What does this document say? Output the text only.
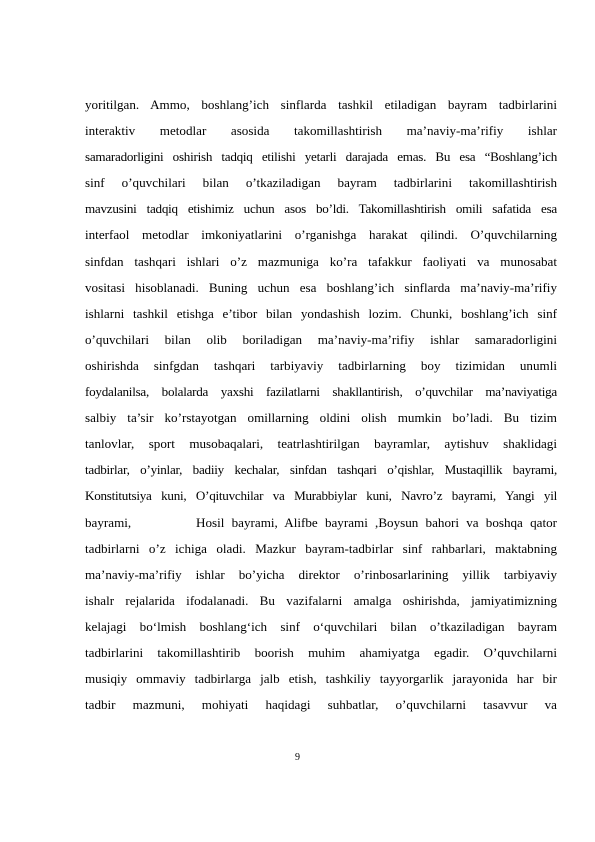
yoritilgan. Ammo, boshlang’ich sinflarda tashkil etiladigan bayram tadbirlarini
interaktiv metodlar asosida takomillashtirish ma’naviy-ma’rifiy ishlar
samaradorligini oshirish tadqiq etilishi yetarli darajada emas. Bu esa “Boshlang’ich
sinf o’quvchilari bilan o’tkaziladigan bayram tadbirlarini takomillashtirish
mavzusini tadqiq etishimiz uchun asos bo’ldi. Takomillashtirish omili safatida esa
interfaol metodlar imkoniyatlarini o’rganishga harakat qilindi. O’quvchilarning
sinfdan tashqari ishlari o’z mazmuniga ko’ra tafakkur faoliyati va munosabat
vositasi hisoblanadi. Buning uchun esa boshlang’ich sinflarda ma’naviy-ma’rifiy
ishlarni tashkil etishga e’tibor bilan yondashish lozim. Chunki, boshlang’ich sinf
o’quvchilari bilan olib boriladigan ma’naviy-ma’rifiy ishlar samaradorligini
oshirishda sinfgdan tashqari tarbiyaviy tadbirlarning boy tizimidan unumli
foydalanilsa, bolalarda yaxshi fazilatlarni shakllantirish, o’quvchilar ma’naviyatiga
salbiy ta’sir ko’rstayotgan omillarning oldini olish mumkin bo’ladi. Bu tizim
tanlovlar, sport musobaqalari, teatrlashtirilgan bayramlar, aytishuv shaklidagi
tadbirlar, o’yinlar, badiiy kechalar, sinfdan tashqari o’qishlar, Mustaqillik bayrami,
Konstitutsiya kuni, O’qituvchilar va Murabbiylar kuni, Navro’z bayrami, Yangi yil
bayrami,         Hosil bayrami, Alifbe bayrami ,Boysun bahori va boshqa qator
tadbirlarni o’z ichiga oladi. Mazkur bayram-tadbirlar sinf rahbarlari, maktabning
ma’naviy-ma’rifiy ishlar bo’yicha direktor o’rinbosarlarining yillik tarbiyaviy
ishalr rejalarida ifodalanadi. Bu vazifalarni amalga oshirishda, jamiyatimizning
kelajagi bo‘lmish boshlang‘ich sinf o‘quvchilari bilan o’tkaziladigan bayram
tadbirlarini takomillashtirib boorish muhim ahamiyatga egadir. O’quvchilarni
musiqiy ommaviy tadbirlarga jalb etish, tashkiliy tayyorgarlik jarayonida har bir
tadbir mazmuni, mohiyati haqidagi suhbatlar, o’quvchilarni tasavvur va
9
